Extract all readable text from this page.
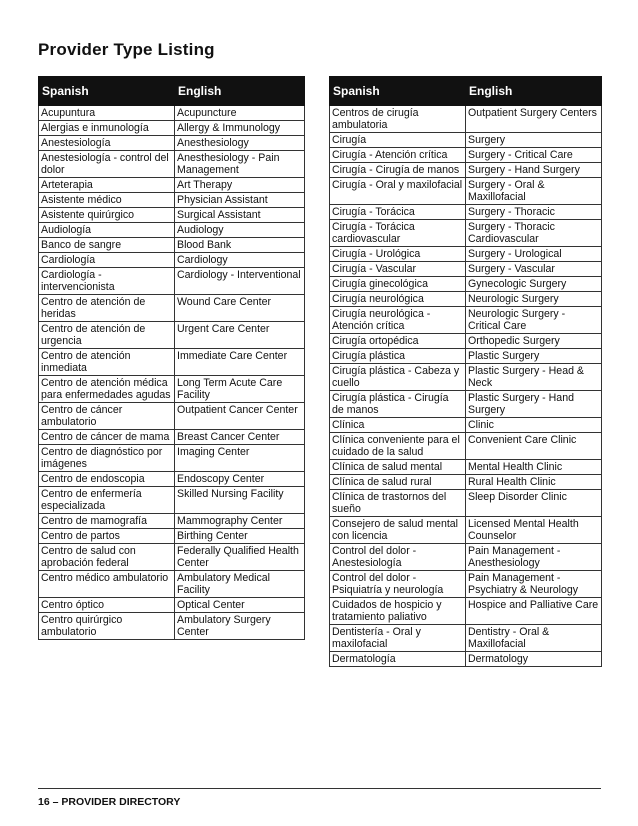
Provider Type Listing
Spanish	English
Acupuntura	Acupuncture
Alergias e inmunología	Allergy & Immunology
Anestesiología	Anesthesiology
Anestesiología - control del dolor	Anesthesiology - Pain Management
Arteterapia	Art Therapy
Asistente médico	Physician Assistant
Asistente quirúrgico	Surgical Assistant
Audiología	Audiology
Banco de sangre	Blood Bank
Cardiología	Cardiology
Cardiología - intervencionista	Cardiology - Interventional
Centro de atención de heridas	Wound Care Center
Centro de atención de urgencia	Urgent Care Center
Centro de atención inmediata	Immediate Care Center
Centro de atención médica para enfermedades agudas	Long Term Acute Care Facility
Centro de cáncer ambulatorio	Outpatient Cancer Center
Centro de cáncer de mama	Breast Cancer Center
Centro de diagnóstico por imágenes	Imaging Center
Centro de endoscopia	Endoscopy Center
Centro de enfermería especializada	Skilled Nursing Facility
Centro de mamografía	Mammography Center
Centro de partos	Birthing Center
Centro de salud con aprobación federal	Federally Qualified Health Center
Centro médico ambulatorio	Ambulatory Medical Facility
Centro óptico	Optical Center
Centro quirúrgico ambulatorio	Ambulatory Surgery Center
Spanish	English
Centros de cirugía ambulatoria	Outpatient Surgery Centers
Cirugía	Surgery
Cirugía - Atención crítica	Surgery - Critical Care
Cirugía - Cirugía de manos	Surgery - Hand Surgery
Cirugía - Oral y maxilofacial	Surgery - Oral & Maxillofacial
Cirugía - Torácica	Surgery - Thoracic
Cirugía - Torácica cardiovascular	Surgery - Thoracic Cardiovascular
Cirugía - Urológica	Surgery - Urological
Cirugía - Vascular	Surgery - Vascular
Cirugía ginecológica	Gynecologic Surgery
Cirugía neurológica	Neurologic Surgery
Cirugía neurológica - Atención crítica	Neurologic Surgery - Critical Care
Cirugía ortopédica	Orthopedic Surgery
Cirugía plástica	Plastic Surgery
Cirugía plástica - Cabeza y cuello	Plastic Surgery - Head & Neck
Cirugía plástica - Cirugía de manos	Plastic Surgery - Hand Surgery
Clínica	Clinic
Clínica conveniente para el cuidado de la salud	Convenient Care Clinic
Clínica de salud mental	Mental Health Clinic
Clínica de salud rural	Rural Health Clinic
Clínica de trastornos del sueño	Sleep Disorder Clinic
Consejero de salud mental con licencia	Licensed Mental Health Counselor
Control del dolor - Anestesiología	Pain Management - Anesthesiology
Control del dolor - Psiquiatría y neurología	Pain Management - Psychiatry & Neurology
Cuidados de hospicio y tratamiento paliativo	Hospice and Palliative Care
Dentistería - Oral y maxilofacial	Dentistry - Oral & Maxillofacial
Dermatología	Dermatology
16 – PROVIDER DIRECTORY
